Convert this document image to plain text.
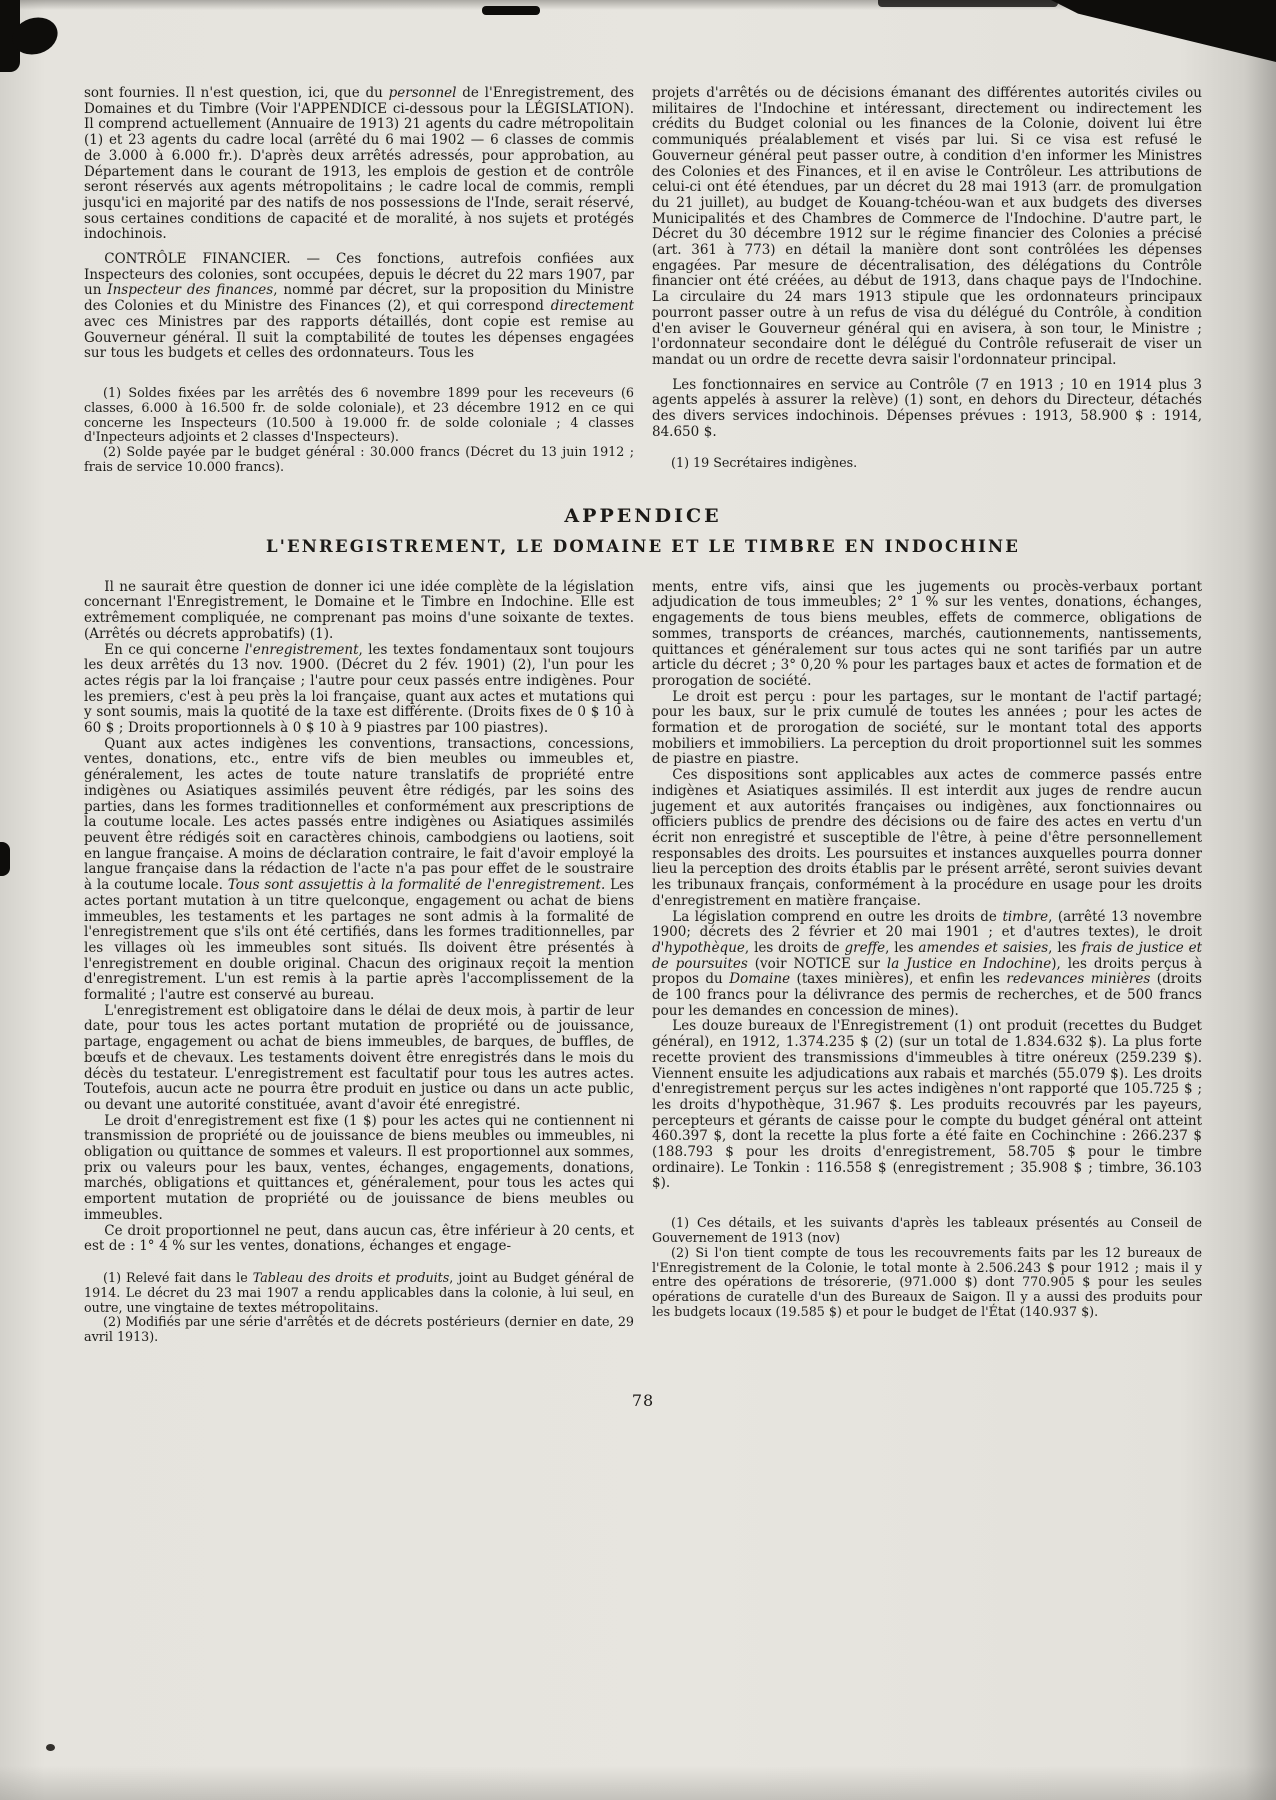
sont fournies. Il n'est question, ici, que du personnel de l'Enregistrement, des Domaines et du Timbre (Voir l'APPENDICE ci-dessous pour la LÉGISLATION). Il comprend actuellement (Annuaire de 1913) 21 agents du cadre métropolitain (1) et 23 agents du cadre local (arrêté du 6 mai 1902 — 6 classes de commis de 3.000 à 6.000 fr.). D'après deux arrêtés adressés, pour approbation, au Département dans le courant de 1913, les emplois de gestion et de contrôle seront réservés aux agents métropolitains ; le cadre local de commis, rempli jusqu'ici en majorité par des natifs de nos possessions de l'Inde, serait réservé, sous certaines conditions de capacité et de moralité, à nos sujets et protégés indochinois.

CONTRÔLE FINANCIER. — Ces fonctions, autrefois confiées aux Inspecteurs des colonies, sont occupées, depuis le décret du 22 mars 1907, par un Inspecteur des finances, nommé par décret, sur la proposition du Ministre des Colonies et du Ministre des Finances (2), et qui correspond directement avec ces Ministres par des rapports détaillés, dont copie est remise au Gouverneur général. Il suit la comptabilité de toutes les dépenses engagées sur tous les budgets et celles des ordonnateurs. Tous les

(1) Soldes fixées par les arrêtés des 6 novembre 1899 pour les receveurs (6 classes, 6.000 à 16.500 fr. de solde coloniale), et 23 décembre 1912 en ce qui concerne les Inspecteurs (10.500 à 19.000 fr. de solde coloniale ; 4 classes d'Inpecteurs adjoints et 2 classes d'Inspecteurs).

(2) Solde payée par le budget général : 30.000 francs (Décret du 13 juin 1912 ; frais de service 10.000 francs).

projets d'arrêtés ou de décisions émanant des différentes autorités civiles ou militaires de l'Indochine et intéressant, directement ou indirectement les crédits du Budget colonial ou les finances de la Colonie, doivent lui être communiqués préalablement et visés par lui. Si ce visa est refusé le Gouverneur général peut passer outre, à condition d'en informer les Ministres des Colonies et des Finances, et il en avise le Contrôleur. Les attributions de celui-ci ont été étendues, par un décret du 28 mai 1913 (arr. de promulgation du 21 juillet), au budget de Kouang-tchéou-wan et aux budgets des diverses Municipalités et des Chambres de Commerce de l'Indochine. D'autre part, le Décret du 30 décembre 1912 sur le régime financier des Colonies a précisé (art. 361 à 773) en détail la manière dont sont contrôlées les dépenses engagées. Par mesure de décentralisation, des délégations du Contrôle financier ont été créées, au début de 1913, dans chaque pays de l'Indochine. La circulaire du 24 mars 1913 stipule que les ordonnateurs principaux pourront passer outre à un refus de visa du délégué du Contrôle, à condition d'en aviser le Gouverneur général qui en avisera, à son tour, le Ministre ; l'ordonnateur secondaire dont le délégué du Contrôle refuserait de viser un mandat ou un ordre de recette devra saisir l'ordonnateur principal.

Les fonctionnaires en service au Contrôle (7 en 1913 ; 10 en 1914 plus 3 agents appelés à assurer la relève) (1) sont, en dehors du Directeur, détachés des divers services indochinois. Dépenses prévues : 1913, 58.900 $ : 1914, 84.650 $.

(1) 19 Secrétaires indigènes.

APPENDICE
L'ENREGISTREMENT, LE DOMAINE ET LE TIMBRE EN INDOCHINE

Il ne saurait être question de donner ici une idée complète de la législation concernant l'Enregistrement, le Domaine et le Timbre en Indochine. Elle est extrêmement compliquée, ne comprenant pas moins d'une soixante de textes. (Arrêtés ou décrets approbatifs) (1).

En ce qui concerne l'enregistrement, les textes fondamentaux sont toujours les deux arrêtés du 13 nov. 1900. (Décret du 2 fév. 1901) (2), l'un pour les actes régis par la loi française ; l'autre pour ceux passés entre indigènes. Pour les premiers, c'est à peu près la loi française, quant aux actes et mutations qui y sont soumis, mais la quotité de la taxe est différente. (Droits fixes de 0 $ 10 à 60 $ ; Droits proportionnels à 0 $ 10 à 9 piastres par 100 piastres).

Quant aux actes indigènes les conventions, transactions, concessions, ventes, donations, etc., entre vifs de bien meubles ou immeubles et, généralement, les actes de toute nature translatifs de propriété entre indigènes ou Asiatiques assimilés peuvent être rédigés, par les soins des parties, dans les formes traditionnelles et conformément aux prescriptions de la coutume locale. Les actes passés entre indigènes ou Asiatiques assimilés peuvent être rédigés soit en caractères chinois, cambodgiens ou laotiens, soit en langue française. A moins de déclaration contraire, le fait d'avoir employé la langue française dans la rédaction de l'acte n'a pas pour effet de le soustraire à la coutume locale. Tous sont assujettis à la formalité de l'enregistrement. Les actes portant mutation à un titre quelconque, engagement ou achat de biens immeubles, les testaments et les partages ne sont admis à la formalité de l'enregistrement que s'ils ont été certifiés, dans les formes traditionnelles, par les villages où les immeubles sont situés. Ils doivent être présentés à l'enregistrement en double original. Chacun des originaux reçoit la mention d'enregistrement. L'un est remis à la partie après l'accomplissement de la formalité ; l'autre est conservé au bureau.

L'enregistrement est obligatoire dans le délai de deux mois, à partir de leur date, pour tous les actes portant mutation de propriété ou de jouissance, partage, engagement ou achat de biens immeubles, de barques, de buffles, de bœufs et de chevaux. Les testaments doivent être enregistrés dans le mois du décès du testateur. L'enregistrement est facultatif pour tous les autres actes. Toutefois, aucun acte ne pourra être produit en justice ou dans un acte public, ou devant une autorité constituée, avant d'avoir été enregistré.

Le droit d'enregistrement est fixe (1 $) pour les actes qui ne contiennent ni transmission de propriété ou de jouissance de biens meubles ou immeubles, ni obligation ou quittance de sommes et valeurs. Il est proportionnel aux sommes, prix ou valeurs pour les baux, ventes, échanges, engagements, donations, marchés, obligations et quittances et, généralement, pour tous les actes qui emportent mutation de propriété ou de jouissance de biens meubles ou immeubles.

Ce droit proportionnel ne peut, dans aucun cas, être inférieur à 20 cents, et est de : 1° 4 % sur les ventes, donations, échanges et engage-

(1) Relevé fait dans le Tableau des droits et produits, joint au Budget général de 1914. Le décret du 23 mai 1907 a rendu applicables dans la colonie, à lui seul, en outre, une vingtaine de textes métropolitains.

(2) Modifiés par une série d'arrêtés et de décrets postérieurs (dernier en date, 29 avril 1913).

ments, entre vifs, ainsi que les jugements ou procès-verbaux portant adjudication de tous immeubles; 2° 1 % sur les ventes, donations, échanges, engagements de tous biens meubles, effets de commerce, obligations de sommes, transports de créances, marchés, cautionnements, nantissements, quittances et généralement sur tous actes qui ne sont tarifiés par un autre article du décret ; 3° 0,20 % pour les partages baux et actes de formation et de prorogation de société.

Le droit est perçu : pour les partages, sur le montant de l'actif partagé; pour les baux, sur le prix cumulé de toutes les années ; pour les actes de formation et de prorogation de société, sur le montant total des apports mobiliers et immobiliers. La perception du droit proportionnel suit les sommes de piastre en piastre.

Ces dispositions sont applicables aux actes de commerce passés entre indigènes et Asiatiques assimilés. Il est interdit aux juges de rendre aucun jugement et aux autorités françaises ou indigènes, aux fonctionnaires ou officiers publics de prendre des décisions ou de faire des actes en vertu d'un écrit non enregistré et susceptible de l'être, à peine d'être personnellement responsables des droits. Les poursuites et instances auxquelles pourra donner lieu la perception des droits établis par le présent arrêté, seront suivies devant les tribunaux français, conformément à la procédure en usage pour les droits d'enregistrement en matière française.

La législation comprend en outre les droits de timbre, (arrêté 13 novembre 1900; décrets des 2 février et 20 mai 1901 ; et d'autres textes), le droit d'hypothèque, les droits de greffe, les amendes et saisies, les frais de justice et de poursuites (voir NOTICE sur la Justice en Indochine), les droits perçus à propos du Domaine (taxes minières), et enfin les redevances minières (droits de 100 francs pour la délivrance des permis de recherches, et de 500 francs pour les demandes en concession de mines).

Les douze bureaux de l'Enregistrement (1) ont produit (recettes du Budget général), en 1912, 1.374.235 $ (2) (sur un total de 1.834.632 $). La plus forte recette provient des transmissions d'immeubles à titre onéreux (259.239 $). Viennent ensuite les adjudications aux rabais et marchés (55.079 $). Les droits d'enregistrement perçus sur les actes indigènes n'ont rapporté que 105.725 $ ; les droits d'hypothèque, 31.967 $. Les produits recouvrés par les payeurs, percepteurs et gérants de caisse pour le compte du budget général ont atteint 460.397 $, dont la recette la plus forte a été faite en Cochinchine : 266.237 $ (188.793 $ pour les droits d'enregistrement, 58.705 $ pour le timbre ordinaire). Le Tonkin : 116.558 $ (enregistrement ; 35.908 $ ; timbre, 36.103 $).

(1) Ces détails, et les suivants d'après les tableaux présentés au Conseil de Gouvernement de 1913 (nov)

(2) Si l'on tient compte de tous les recouvrements faits par les 12 bureaux de l'Enregistrement de la Colonie, le total monte à 2.506.243 $ pour 1912 ; mais il y entre des opérations de trésorerie, (971.000 $) dont 770.905 $ pour les seules opérations de curatelle d'un des Bureaux de Saigon. Il y a aussi des produits pour les budgets locaux (19.585 $) et pour le budget de l'État (140.937 $).

78
